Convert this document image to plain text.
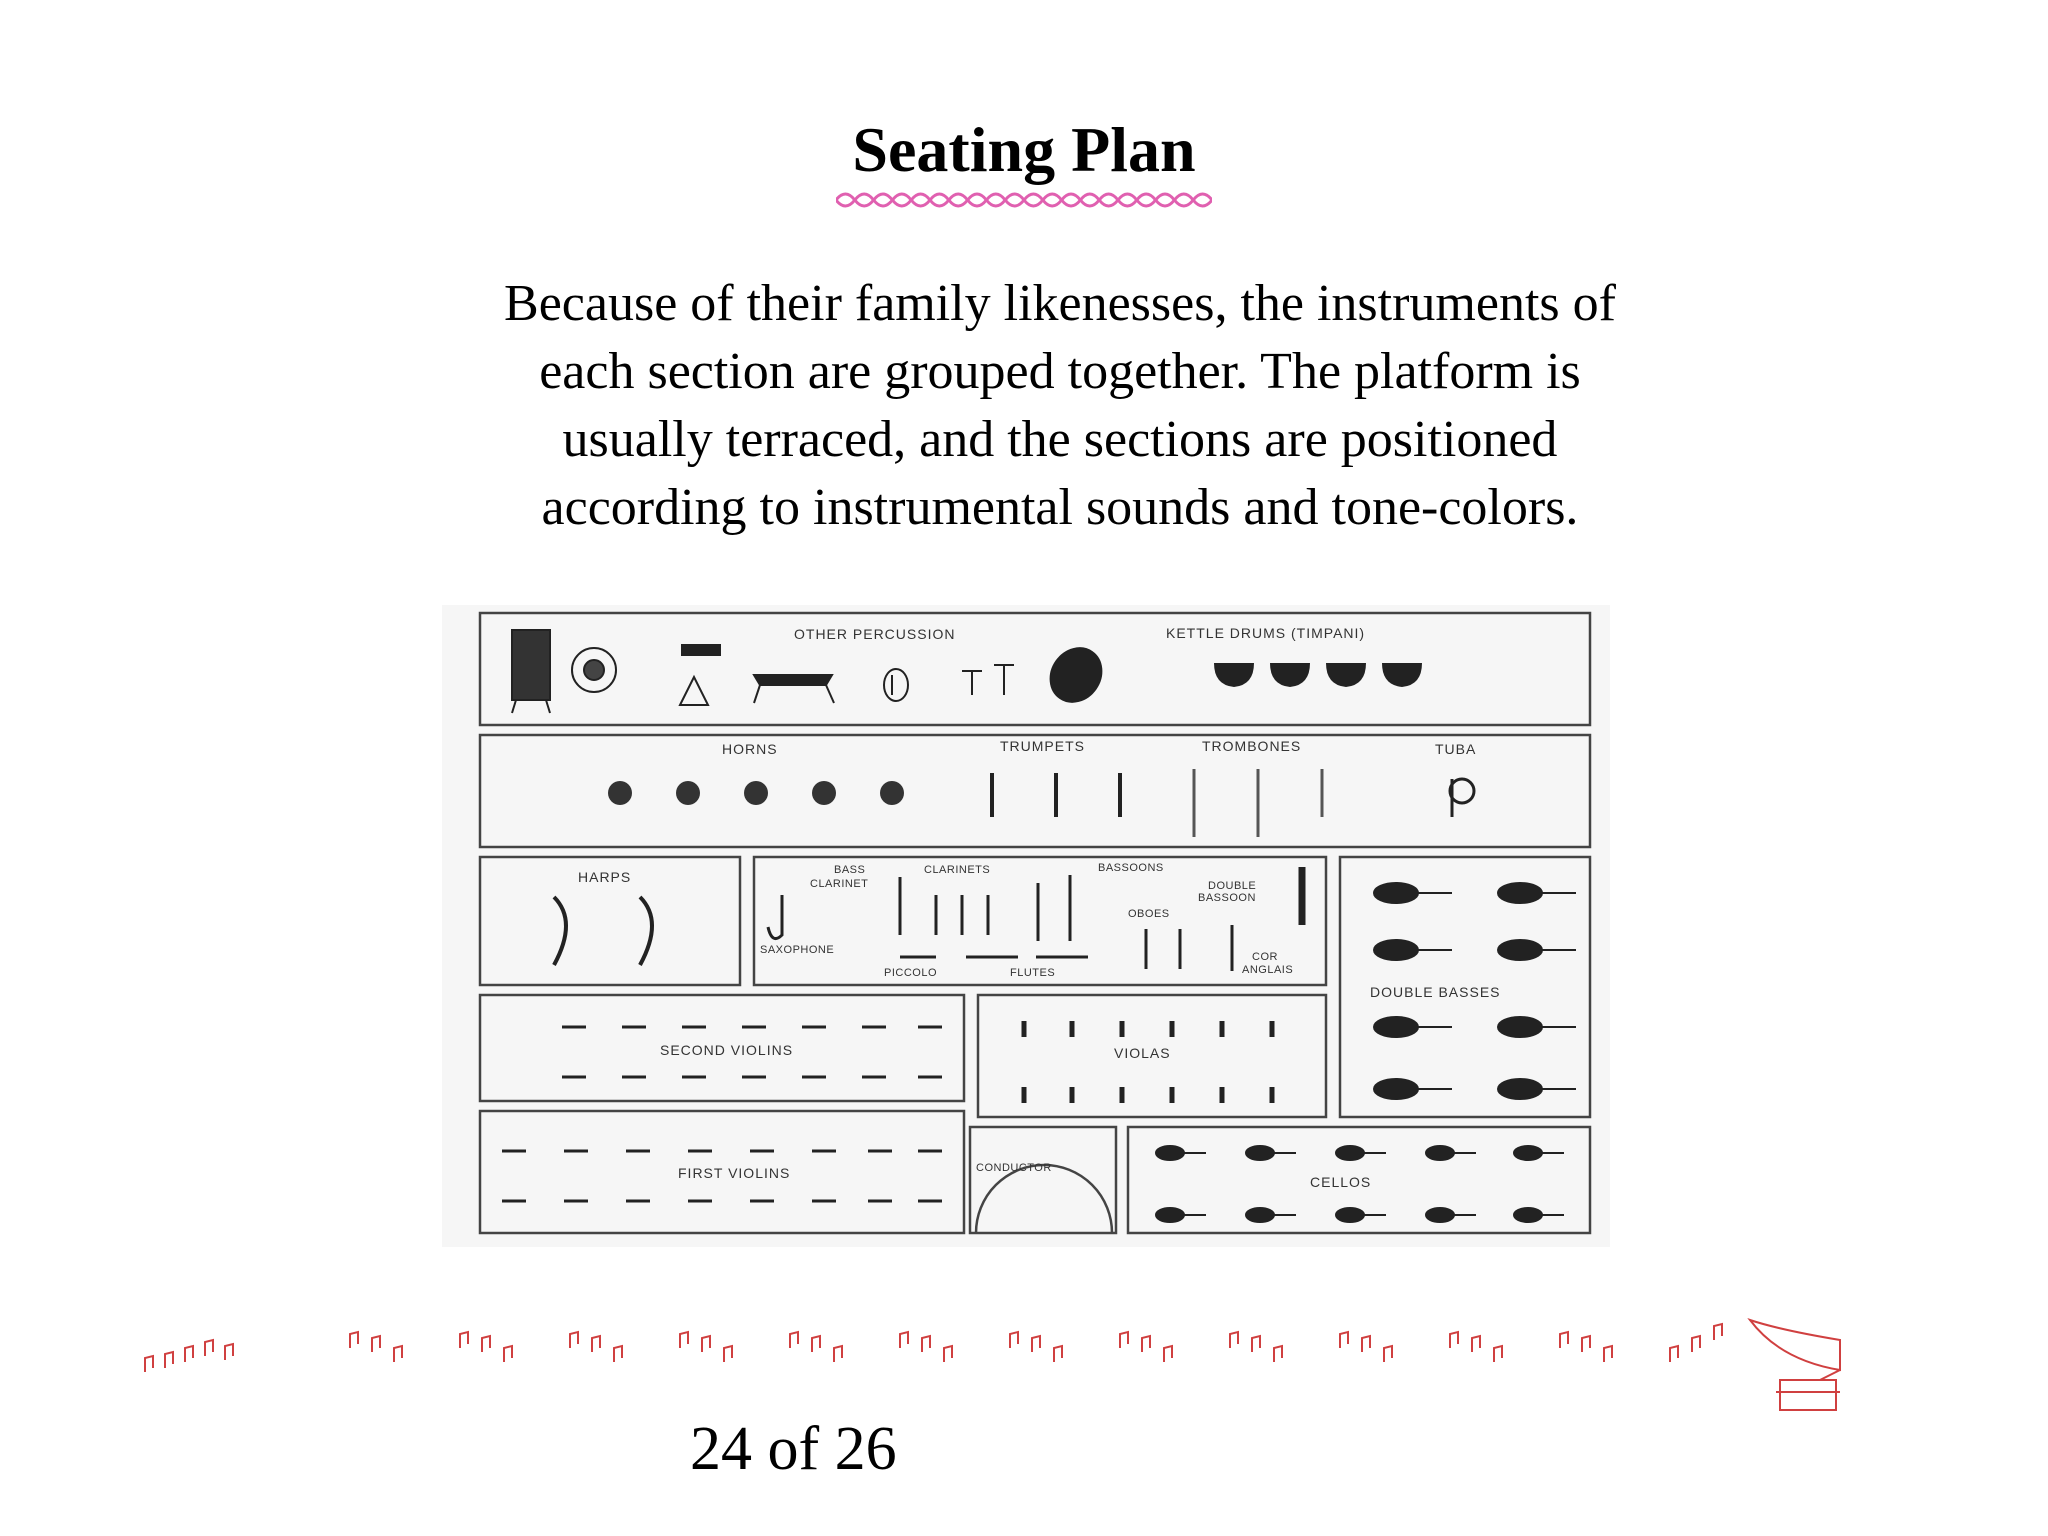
Seating Plan
Because of their family likenesses, the instruments of
each section are grouped together. The platform is
usually terraced, and the sections are positioned
according to instrumental sounds and tone-colors.
OTHER PERCUSSION	KETTLE DRUMS (TIMPANI)
HORNS	TRUMPETS	TROMBONES	TUBA
HARPS	BASS
CLARINET
CLARINETS	BASSOONS
DOUBLE
BASSOON
OBOES
SAXOPHONE
PICCOLO	FLUTES
COR
ANGLAIS
DOUBLE BASSES
SECOND VIOLINS	VIOLAS
FIRST VIOLINS	CONDUCTOR
CELLOS
24 of 26
